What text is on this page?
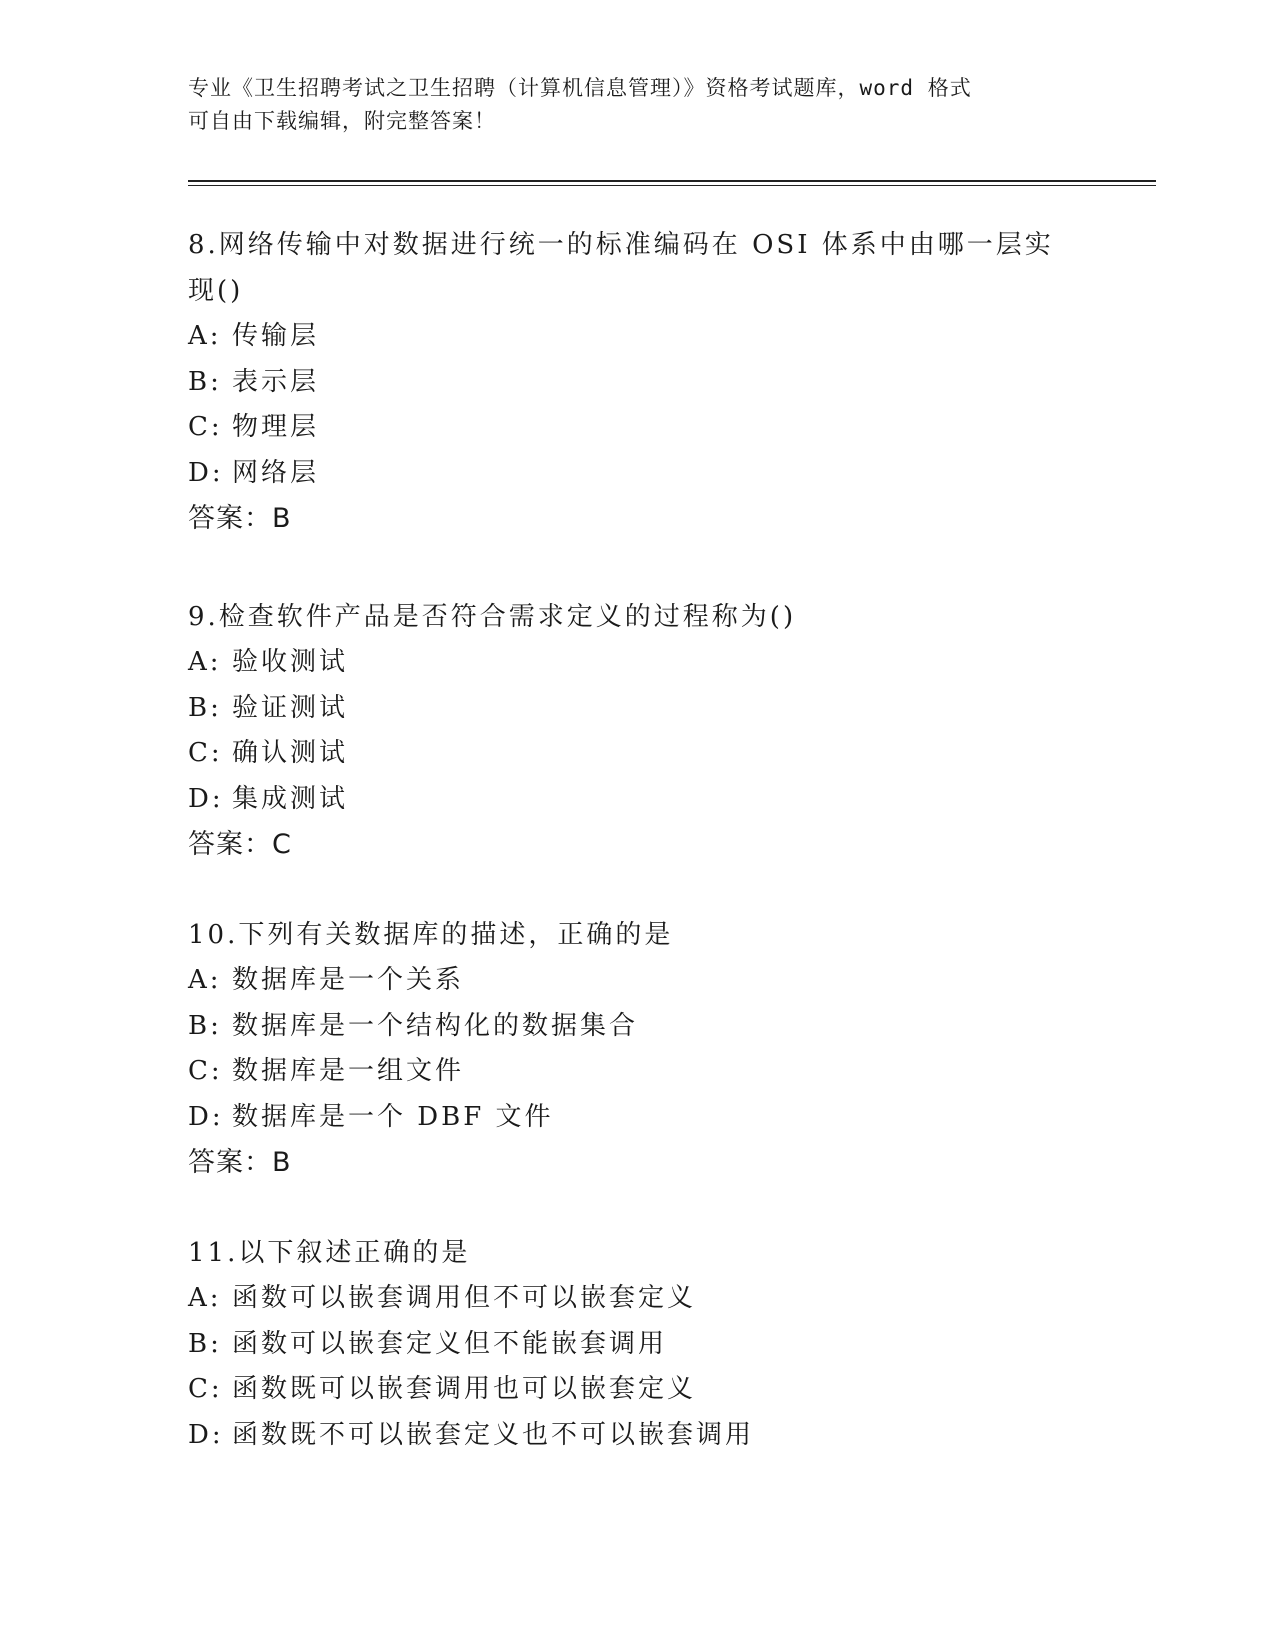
专业《卫生招聘考试之卫生招聘（计算机信息管理）》资格考试题库，word 格式
可自由下载编辑，附完整答案！
8.网络传输中对数据进行统一的标准编码在 OSI 体系中由哪一层实现()
A: 传输层
B: 表示层
C: 物理层
D: 网络层
答案：B
9.检查软件产品是否符合需求定义的过程称为()
A: 验收测试
B: 验证测试
C: 确认测试
D: 集成测试
答案：C
10.下列有关数据库的描述，正确的是
A: 数据库是一个关系
B: 数据库是一个结构化的数据集合
C: 数据库是一组文件
D: 数据库是一个 DBF 文件
答案：B
11.以下叙述正确的是
A: 函数可以嵌套调用但不可以嵌套定义
B: 函数可以嵌套定义但不能嵌套调用
C: 函数既可以嵌套调用也可以嵌套定义
D: 函数既不可以嵌套定义也不可以嵌套调用
